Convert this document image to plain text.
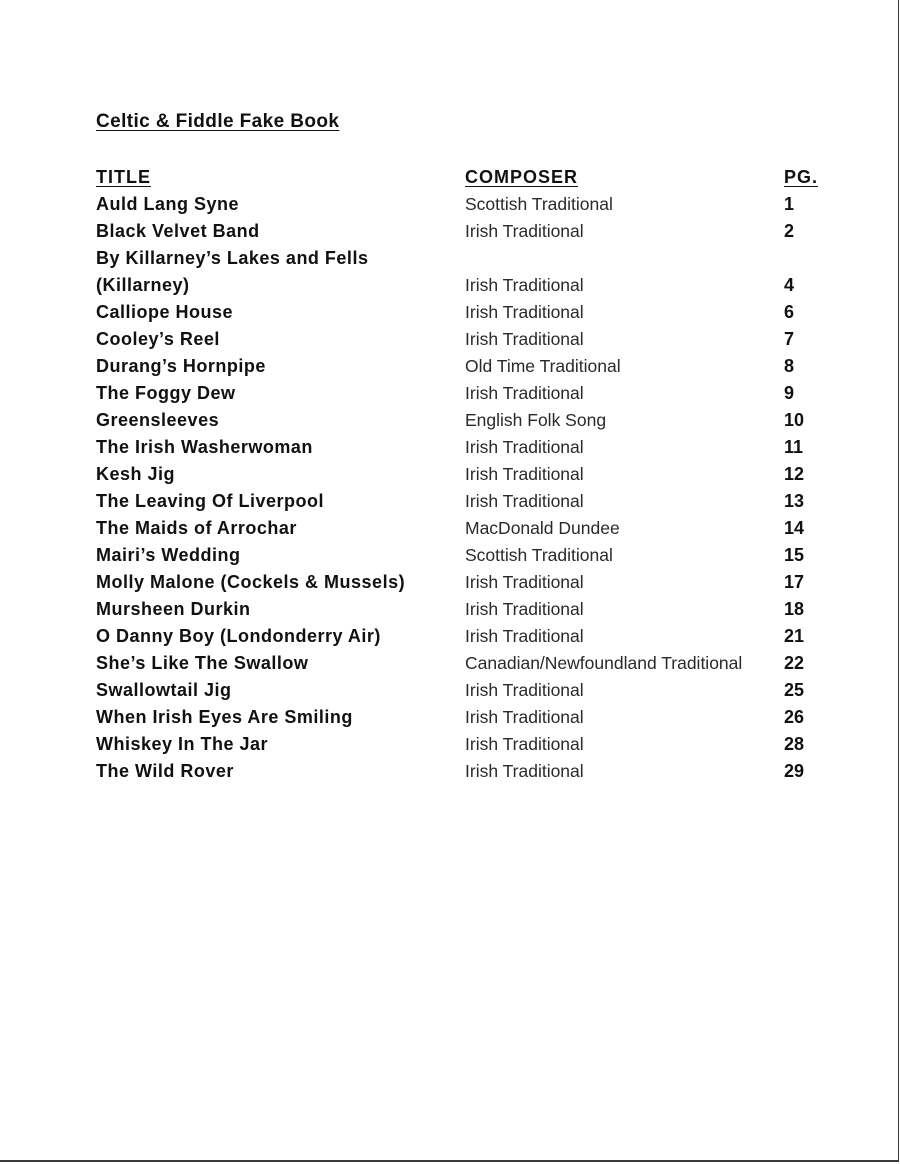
Celtic & Fiddle Fake Book
TITLE	COMPOSER	PG.
Auld Lang Syne	Scottish Traditional	1
Black Velvet Band	Irish Traditional	2
By Killarney’s Lakes and Fells
(Killarney)	Irish Traditional	4
Calliope House	Irish Traditional	6
Cooley’s Reel	Irish Traditional	7
Durang’s Hornpipe	Old Time Traditional	8
The Foggy Dew	Irish Traditional	9
Greensleeves	English Folk Song	10
The Irish Washerwoman	Irish Traditional	11
Kesh Jig	Irish Traditional	12
The Leaving Of Liverpool	Irish Traditional	13
The Maids of Arrochar	MacDonald Dundee	14
Mairi’s Wedding	Scottish Traditional	15
Molly Malone (Cockels & Mussels)	Irish Traditional	17
Mursheen Durkin	Irish Traditional	18
O Danny Boy (Londonderry Air)	Irish Traditional	21
She’s Like The Swallow	Canadian/Newfoundland Traditional 22
Swallowtail Jig	Irish Traditional	25
When Irish Eyes Are Smiling	Irish Traditional	26
Whiskey In The Jar	Irish Traditional	28
The Wild Rover	Irish Traditional	29
